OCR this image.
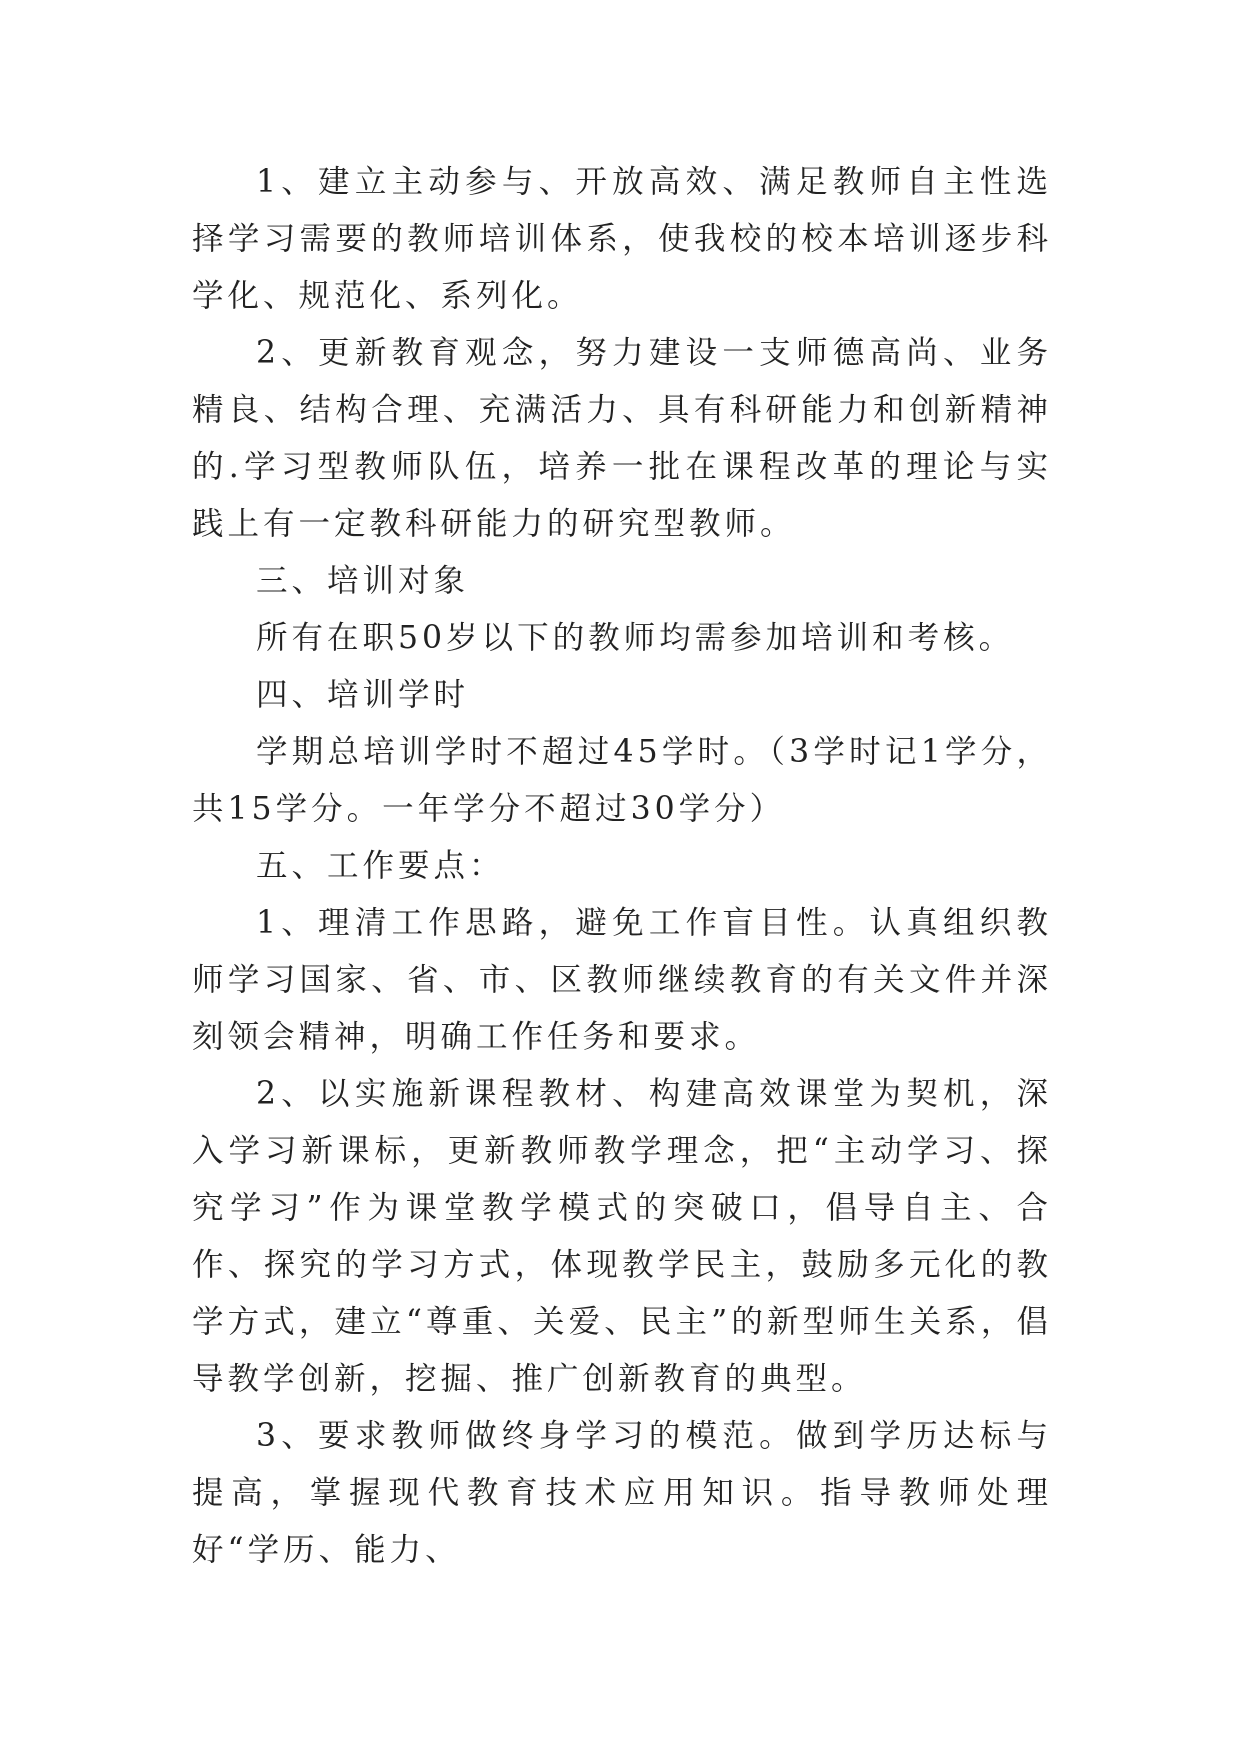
1、建立主动参与、开放高效、满足教师自主性选择学习需要的教师培训体系，使我校的校本培训逐步科学化、规范化、系列化。

2、更新教育观念，努力建设一支师德高尚、业务精良、结构合理、充满活力、具有科研能力和创新精神的.学习型教师队伍，培养一批在课程改革的理论与实践上有一定教科研能力的研究型教师。

三、培训对象

所有在职50岁以下的教师均需参加培训和考核。

四、培训学时

学期总培训学时不超过45学时。（3学时记1学分，共15学分。一年学分不超过30学分）

五、工作要点：

1、理清工作思路，避免工作盲目性。认真组织教师学习国家、省、市、区教师继续教育的有关文件并深刻领会精神，明确工作任务和要求。

2、以实施新课程教材、构建高效课堂为契机，深入学习新课标，更新教师教学理念，把“主动学习、探究学习”作为课堂教学模式的突破口，倡导自主、合作、探究的学习方式，体现教学民主，鼓励多元化的教学方式，建立“尊重、关爱、民主”的新型师生关系，倡导教学创新，挖掘、推广创新教育的典型。

3、要求教师做终身学习的模范。做到学历达标与提高，掌握现代教育技术应用知识。指导教师处理好“学历、能力、
